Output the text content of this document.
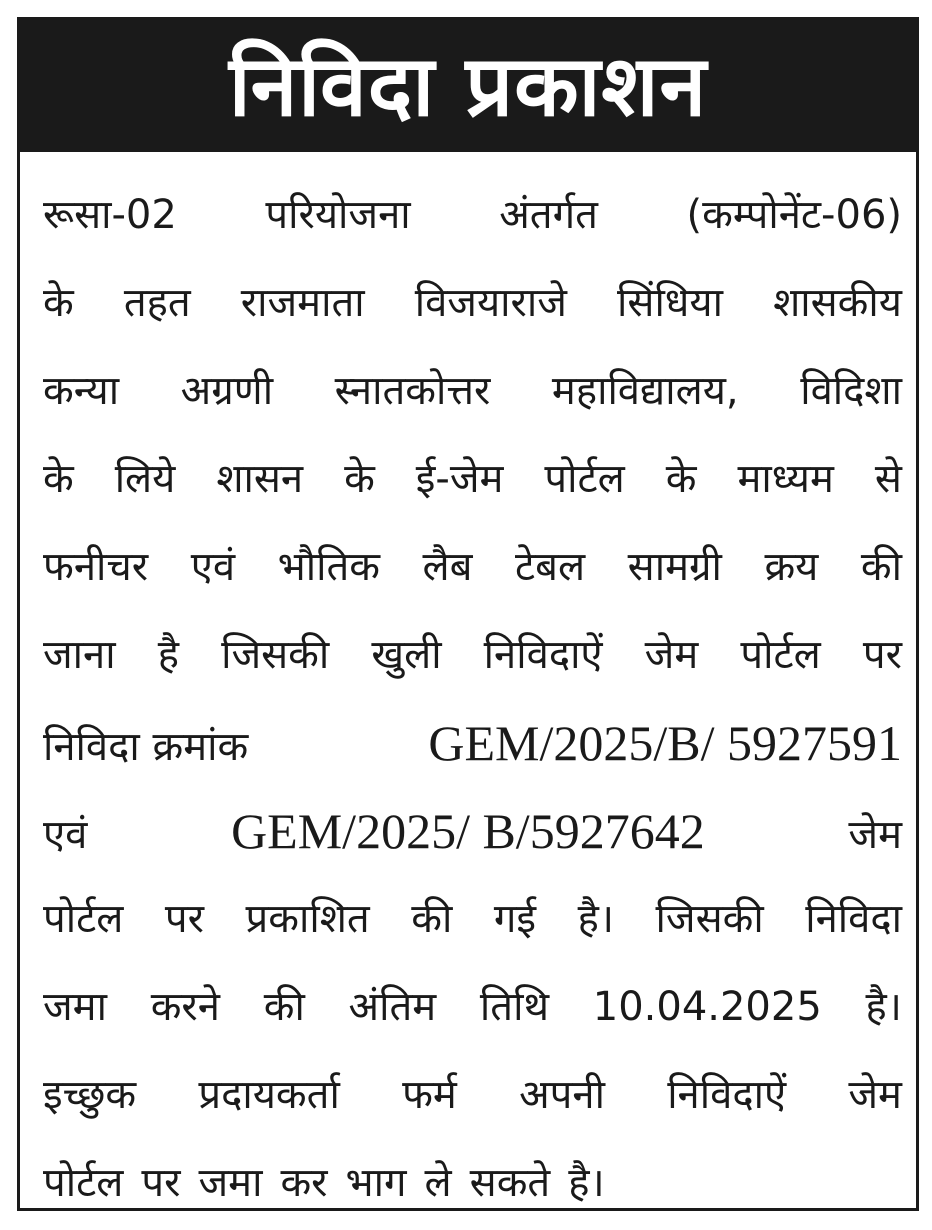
निविदा प्रकाशन
रूसा-02 परियोजना अंतर्गत (कम्पोनेंट-06)
के तहत राजमाता विजयाराजे सिंधिया शासकीय
कन्या अग्रणी स्नातकोत्तर महाविद्यालय, विदिशा
के लिये शासन के ई-जेम पोर्टल के माध्यम से
फनीचर एवं भौतिक लैब टेबल सामग्री क्रय की
जाना है जिसकी खुली निविदाऐं जेम पोर्टल पर
निविदा क्रमांक	GEM/2025/B/ 5927591
एवं	GEM/2025/ B/5927642	जेम
पोर्टल पर प्रकाशित की गई है। जिसकी निविदा
जमा करने की अंतिम तिथि 10.04.2025 है।
इच्छुक प्रदायकर्ता फर्म अपनी निविदाऐं जेम
पोर्टल पर जमा कर भाग ले सकते है।
